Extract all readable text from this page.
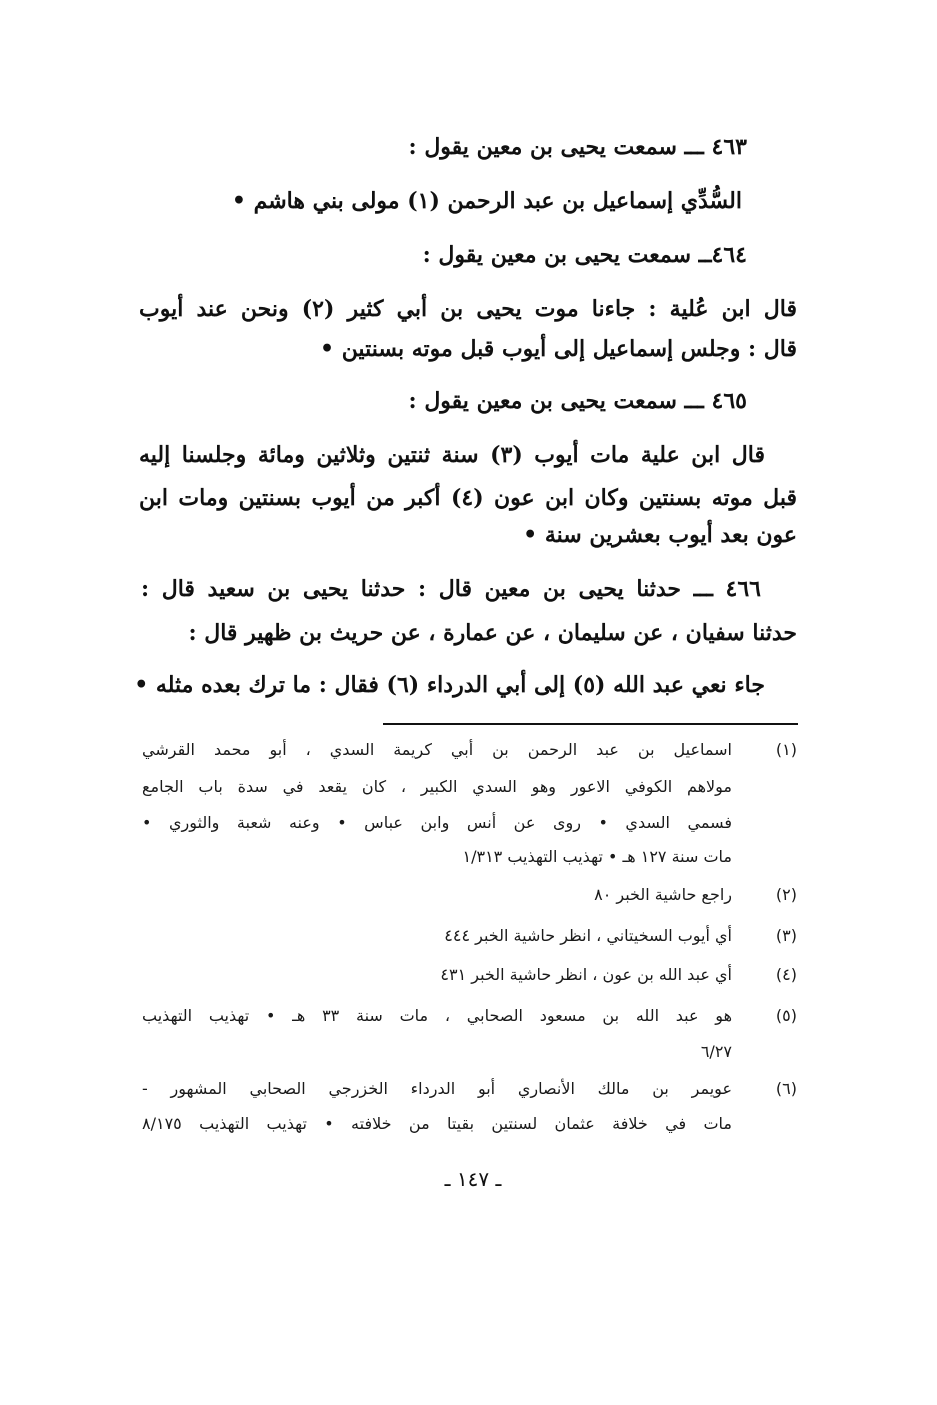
٤٦٣ ـــ سمعت يحيى بن معين يقول :
السُّدِّي إسماعيل بن عبد الرحمن (١) مولى بني هاشم •
٤٦٤ــ سمعت يحيى بن معين يقول :
قال ابن عُلية : جاءنا موت يحيى بن أبي كثير (٢) ونحن عند أيوب
قال : وجلس إسماعيل إلى أيوب قبل موته بسنتين •
٤٦٥ ـــ سمعت يحيى بن معين يقول :
قال ابن علية مات أيوب (٣) سنة ثنتين وثلاثين ومائة وجلسنا إليه
قبل موته بسنتين وكان ابن عون (٤) أكبر من أيوب بسنتين ومات ابن
عون بعد أيوب بعشرين سنة •
٤٦٦ ـــ حدثنا يحيى بن معين قال : حدثنا يحيى بن سعيد قال :
حدثنا سفيان ، عن سليمان ، عن عمارة ، عن حريث بن ظهير قال :
جاء نعي عبد الله (٥) إلى أبي الدرداء (٦) فقال : ما ترك بعده مثله •
(١)
اسماعيل بن عبد الرحمن بن أبي كريمة السدي ، أبو محمد القرشي
مولاهم الكوفي الاعور وهو السدي الكبير ، كان يقعد في سدة باب الجامع
فسمي السدي • روى عن أنس وابن عباس • وعنه شعبة والثوري •
مات سنة ١٢٧ هـ • تهذيب التهذيب ١/٣١٣
(٢)
راجع حاشية الخبر ٨٠
(٣)
أي أيوب السخيتاني ، انظر حاشية الخبر ٤٤٤
(٤)
أي عبد الله بن عون ، انظر حاشية الخبر ٤٣١
(٥)
هو عبد الله بن مسعود الصحابي ، مات سنة ٣٣ هـ • تهذيب التهذيب
٦/٢٧
(٦)
عويمر بن مالك الأنصاري أبو الدرداء الخزرجي الصحابي المشهور -
مات في خلافة عثمان لسنتين بقيتا من خلافته • تهذيب التهذيب ٨/١٧٥
ـ ١٤٧ ـ
